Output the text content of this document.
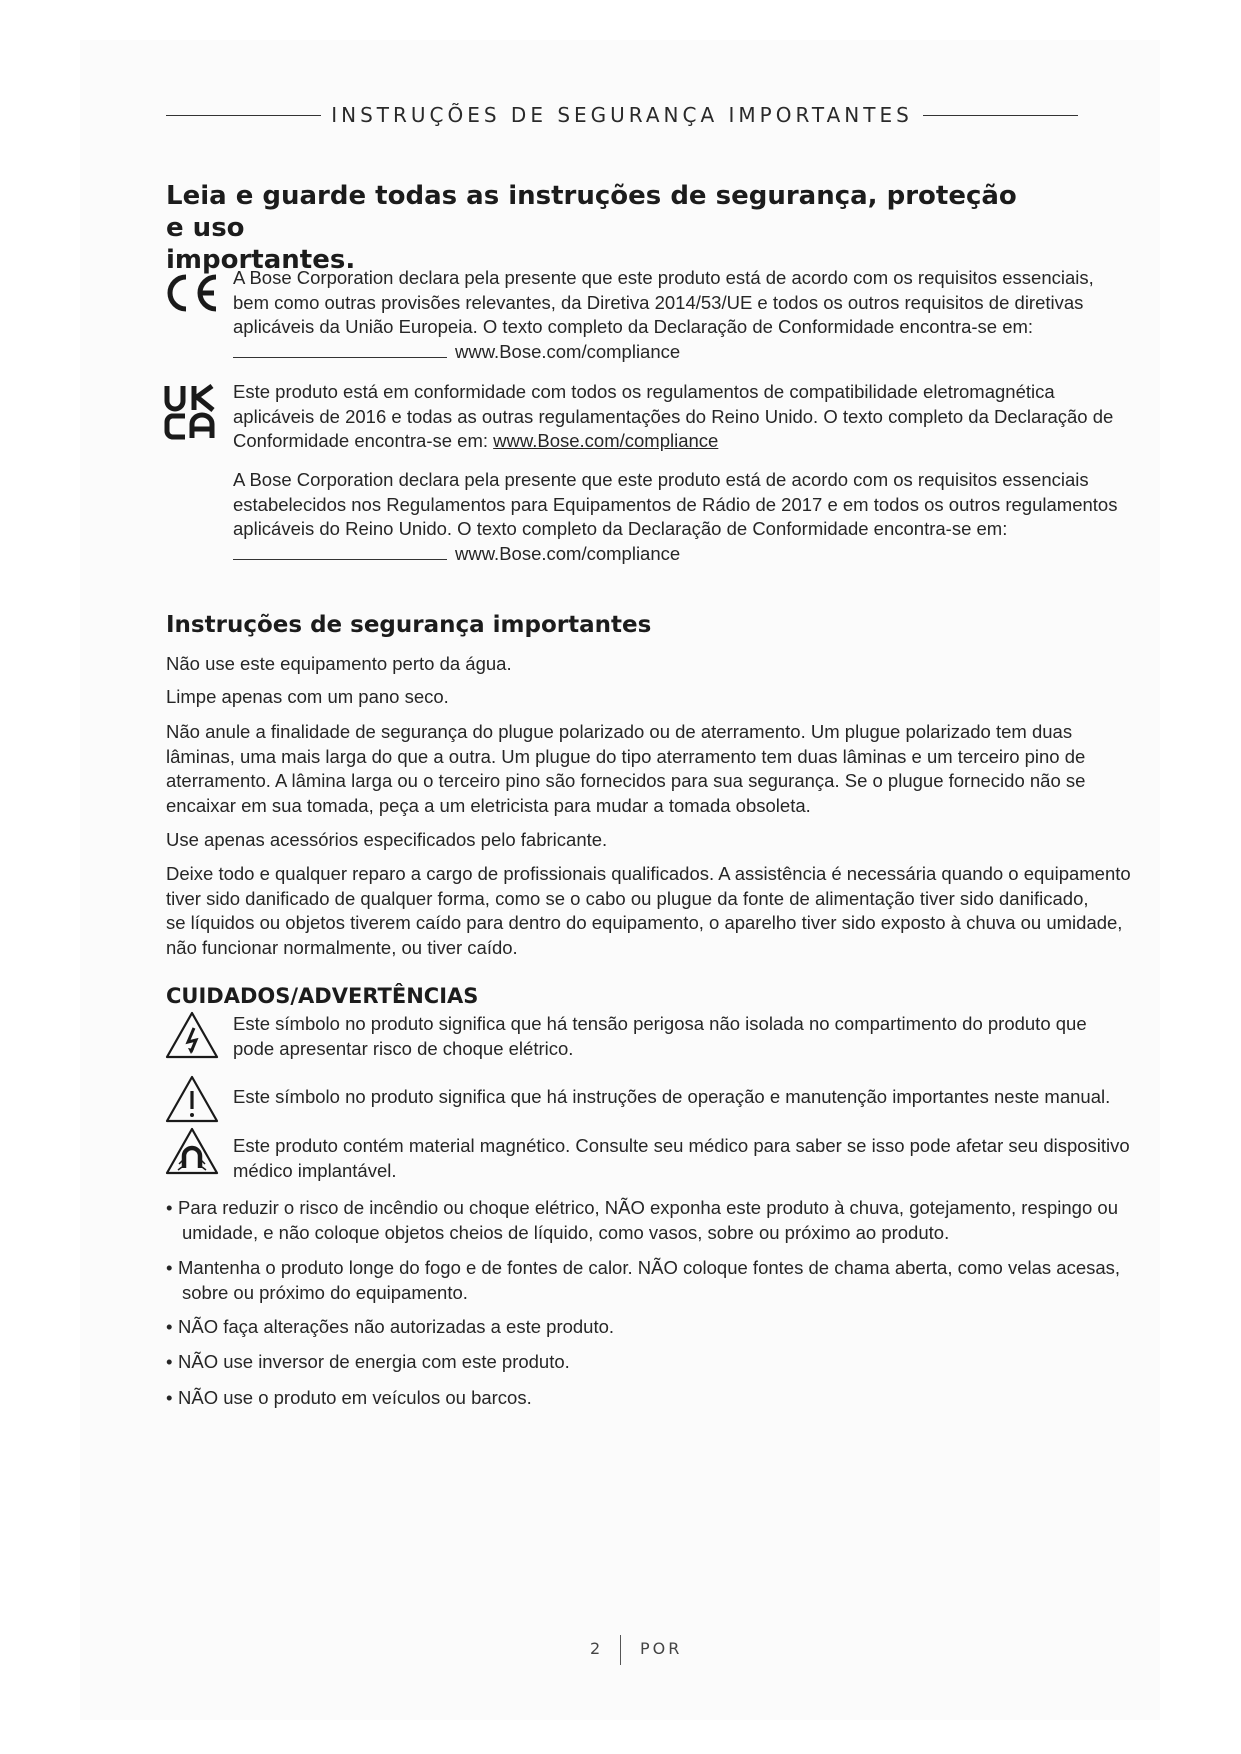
INSTRUÇÕES DE SEGURANÇA IMPORTANTES
Leia e guarde todas as instruções de segurança, proteção e uso
importantes.
A Bose Corporation declara pela presente que este produto está de acordo com os requisitos essenciais,
bem como outras provisões relevantes, da Diretiva 2014/53/UE e todos os outros requisitos de diretivas
aplicáveis da União Europeia. O texto completo da Declaração de Conformidade encontra-se em:
www.Bose.com/compliance
Este produto está em conformidade com todos os regulamentos de compatibilidade eletromagnética
aplicáveis de 2016 e todas as outras regulamentações do Reino Unido. O texto completo da Declaração de
Conformidade encontra-se em: www.Bose.com/compliance
A Bose Corporation declara pela presente que este produto está de acordo com os requisitos essenciais
estabelecidos nos Regulamentos para Equipamentos de Rádio de 2017 e em todos os outros regulamentos
aplicáveis do Reino Unido. O texto completo da Declaração de Conformidade encontra-se em:
www.Bose.com/compliance
Instruções de segurança importantes
Não use este equipamento perto da água.
Limpe apenas com um pano seco.
Não anule a finalidade de segurança do plugue polarizado ou de aterramento. Um plugue polarizado tem duas
lâminas, uma mais larga do que a outra. Um plugue do tipo aterramento tem duas lâminas e um terceiro pino de
aterramento. A lâmina larga ou o terceiro pino são fornecidos para sua segurança. Se o plugue fornecido não se
encaixar em sua tomada, peça a um eletricista para mudar a tomada obsoleta.
Use apenas acessórios especificados pelo fabricante.
Deixe todo e qualquer reparo a cargo de profissionais qualificados. A assistência é necessária quando o equipamento
tiver sido danificado de qualquer forma, como se o cabo ou plugue da fonte de alimentação tiver sido danificado,
se líquidos ou objetos tiverem caído para dentro do equipamento, o aparelho tiver sido exposto à chuva ou umidade,
não funcionar normalmente, ou tiver caído.
CUIDADOS/ADVERTÊNCIAS
Este símbolo no produto significa que há tensão perigosa não isolada no compartimento do produto que
pode apresentar risco de choque elétrico.
Este símbolo no produto significa que há instruções de operação e manutenção importantes neste manual.
Este produto contém material magnético. Consulte seu médico para saber se isso pode afetar seu dispositivo
médico implantável.
• Para reduzir o risco de incêndio ou choque elétrico, NÃO exponha este produto à chuva, gotejamento, respingo ou
umidade, e não coloque objetos cheios de líquido, como vasos, sobre ou próximo ao produto.
• Mantenha o produto longe do fogo e de fontes de calor. NÃO coloque fontes de chama aberta, como velas acesas,
sobre ou próximo do equipamento.
• NÃO faça alterações não autorizadas a este produto.
• NÃO use inversor de energia com este produto.
• NÃO use o produto em veículos ou barcos.
2 POR
